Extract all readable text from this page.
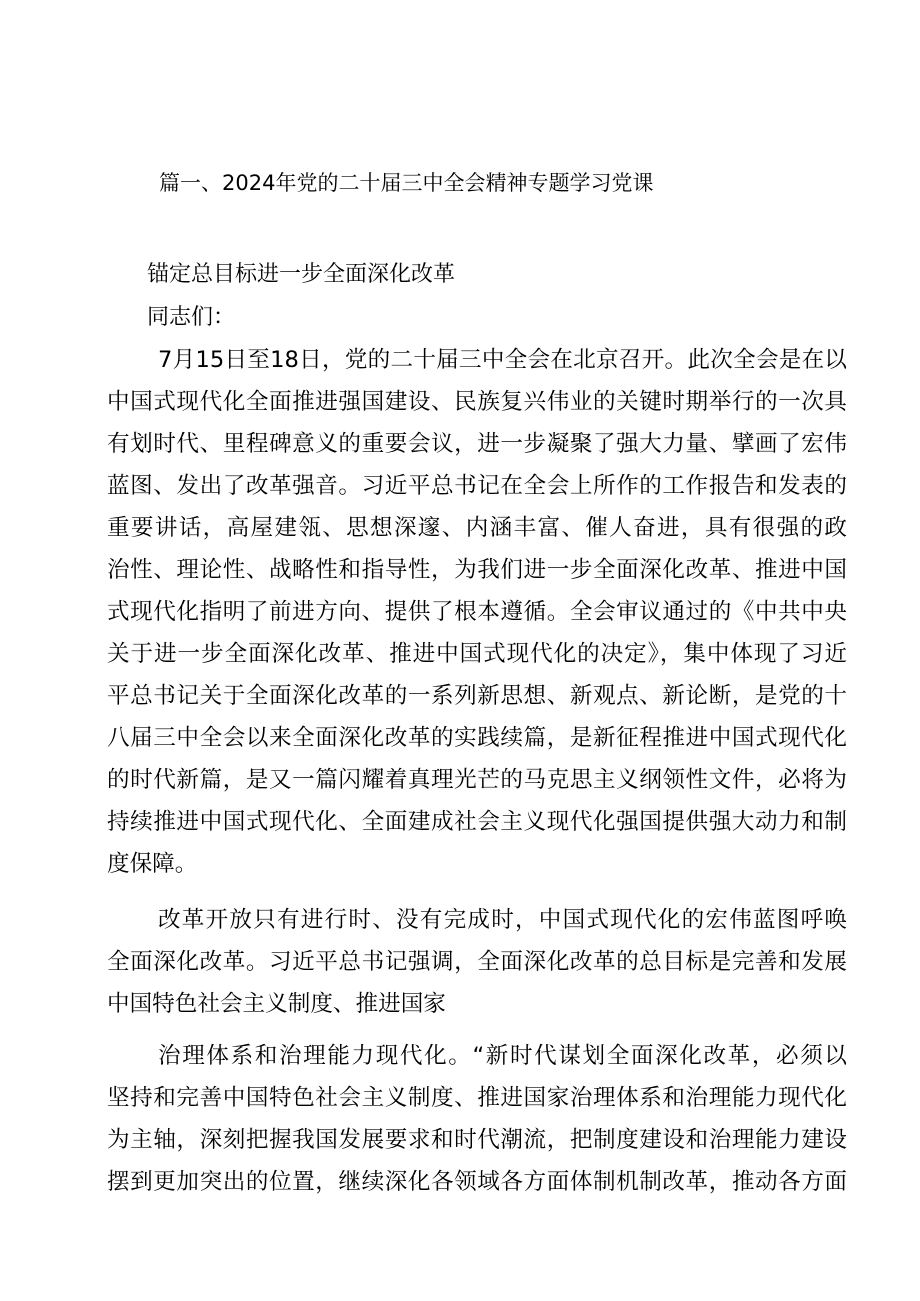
篇一、2024年党的二十届三中全会精神专题学习党课
锚定总目标进一步全面深化改革

同志们：

7月15日至18日，党的二十届三中全会在北京召开。此次全会是在以

中国式现代化全面推进强国建设、民族复兴伟业的关键时期举行的一次具

有划时代、里程碑意义的重要会议，进一步凝聚了强大力量、擘画了宏伟

蓝图、发出了改革强音。习近平总书记在全会上所作的工作报告和发表的

重要讲话，高屋建瓴、思想深邃、内涵丰富、催人奋进，具有很强的政

治性、理论性、战略性和指导性，为我们进一步全面深化改革、推进中国

式现代化指明了前进方向、提供了根本遵循。全会审议通过的《中共中央

关于进一步全面深化改革、推进中国式现代化的决定》，集中体现了习近

平总书记关于全面深化改革的一系列新思想、新观点、新论断，是党的十

八届三中全会以来全面深化改革的实践续篇，是新征程推进中国式现代化

的时代新篇，是又一篇闪耀着真理光芒的马克思主义纲领性文件，必将为

持续推进中国式现代化、全面建成社会主义现代化强国提供强大动力和制

度保障。

改革开放只有进行时、没有完成时，中国式现代化的宏伟蓝图呼唤

全面深化改革。习近平总书记强调，全面深化改革的总目标是完善和发展

中国特色社会主义制度、推进国家

治理体系和治理能力现代化。“新时代谋划全面深化改革，必须以

坚持和完善中国特色社会主义制度、推进国家治理体系和治理能力现代化

为主轴，深刻把握我国发展要求和时代潮流，把制度建设和治理能力建设

摆到更加突出的位置，继续深化各领域各方面体制机制改革，推动各方面
